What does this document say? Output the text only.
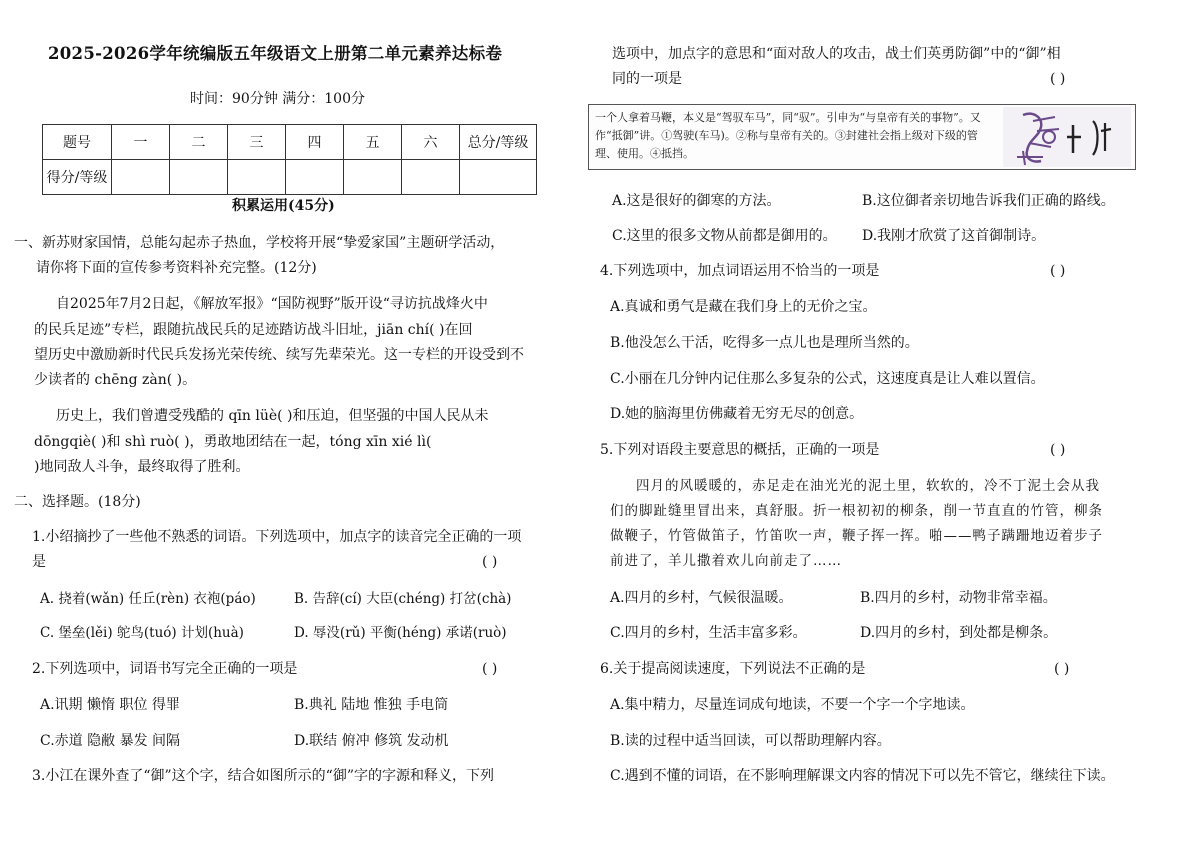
2025-2026学年统编版五年级语文上册第二单元素养达标卷
时间：90分钟 满分：100分
题号	一	二	三	四	五	六	总分/等级
得分/等级							
积累运用(45分)
一、新苏财家国情，总能勾起赤子热血，学校将开展“挚爱家国”主题研学活动，
请你将下面的宣传参考资料补充完整。(12分)
自2025年7月2日起，《解放军报》“国防视野”版开设“寻访抗战烽火中
的民兵足迹”专栏，跟随抗战民兵的足迹踏访战斗旧址，jiān chí( )在回
望历史中激励新时代民兵发扬光荣传统、续写先辈荣光。这一专栏的开设受到不
少读者的 chēng zàn( )。
历史上，我们曾遭受残酷的 qīn lüè( )和压迫，但坚强的中国人民从未
dōngqiè( )和 shì ruò( )，勇敢地团结在一起，tóng xīn xié lì(
)地同敌人斗争，最终取得了胜利。
二、选择题。(18分)
1.小绍摘抄了一些他不熟悉的词语。下列选项中，加点字的读音完全正确的一项
是	( )
A. 挠着(wǎn) 任丘(rèn) 衣袍(páo)	B. 告辞(cí) 大臣(chéng) 打岔(chà)
C. 堡垒(lěi) 鸵鸟(tuó) 计划(huà)	D. 辱没(rǔ) 平衡(héng) 承诺(ruò)
2.下列选项中，词语书写完全正确的一项是	( )
A.讯期 懒惰 职位 得罪	B.典礼 陆地 惟独 手电筒
C.赤道 隐敝 暴发 间隔	D.联结 俯冲 修筑 发动机
3.小江在课外查了“御”这个字，结合如图所示的“御”字的字源和释义，下列
选项中，加点字的意思和“面对敌人的攻击，战士们英勇防御”中的“御”相
同的一项是	( )
一个人拿着马鞭，本义是“驾驭车马”，同“驭”。引申为“与皇帝有关的事物”。又作“抵御”讲。①驾驶(车马)。②称与皇帝有关的。③封建社会指上级对下级的管理、使用。④抵挡。
A.这是很好的御寒的方法。	B.这位御者亲切地告诉我们正确的路线。
C.这里的很多文物从前都是御用的。 D.我刚才欣赏了这首御制诗。
4.下列选项中，加点词语运用不恰当的一项是	( )
A.真诚和勇气是藏在我们身上的无价之宝。
B.他没怎么干活，吃得多一点儿也是理所当然的。
C.小丽在几分钟内记住那么多复杂的公式，这速度真是让人难以置信。
D.她的脑海里仿佛藏着无穷无尽的创意。
5.下列对语段主要意思的概括，正确的一项是	( )
四月的风暖暖的，赤足走在油光光的泥土里，软软的，冷不丁泥土会从我
们的脚趾缝里冒出来，真舒服。折一根初初的柳条，削一节直直的竹管，柳条
做鞭子，竹管做笛子，竹笛吹一声，鞭子挥一挥。啪——鸭子蹒跚地迈着步子
前进了，羊儿撒着欢儿向前走了……
A.四月的乡村，气候很温暖。	B.四月的乡村，动物非常幸福。
C.四月的乡村，生活丰富多彩。	D.四月的乡村，到处都是柳条。
6.关于提高阅读速度，下列说法不正确的是	( )
A.集中精力，尽量连词成句地读，不要一个字一个字地读。
B.读的过程中适当回读，可以帮助理解内容。
C.遇到不懂的词语，在不影响理解课文内容的情况下可以先不管它，继续往下读。
